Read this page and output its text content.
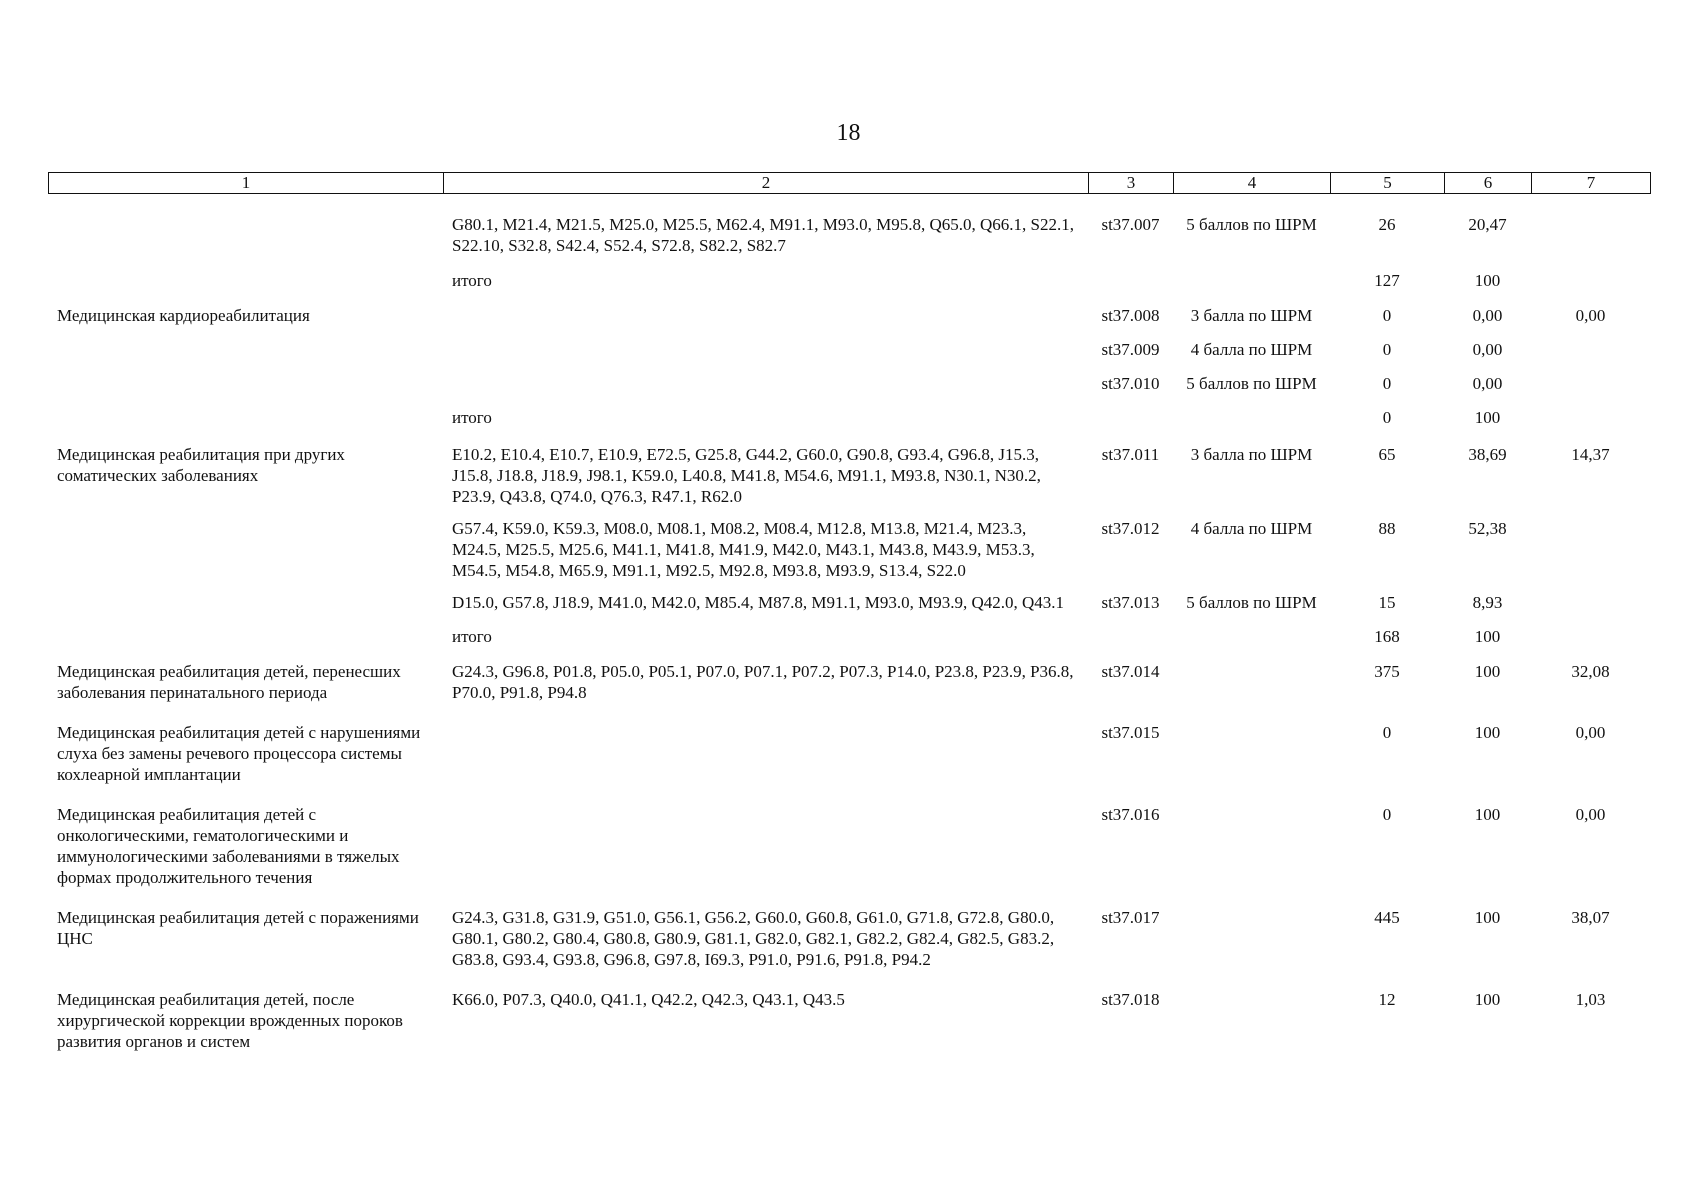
18
1	2	3	4	5	6	7
	G80.1, M21.4, M21.5, M25.0, M25.5, M62.4, M91.1, M93.0, M95.8, Q65.0, Q66.1, S22.1, S22.10, S32.8, S42.4, S52.4, S72.8, S82.2, S82.7	st37.007	5 баллов по ШРМ	26	20,47	
	итого			127	100	
Медицинская кардиореабилитация		st37.008	3 балла по ШРМ	0	0,00	0,00
		st37.009	4 балла по ШРМ	0	0,00	
		st37.010	5 баллов по ШРМ	0	0,00	
	итого			0	100	
Медицинская реабилитация при других соматических заболеваниях	E10.2, E10.4, E10.7, E10.9, E72.5, G25.8, G44.2, G60.0, G90.8, G93.4, G96.8, J15.3, J15.8, J18.8, J18.9, J98.1, K59.0, L40.8, M41.8, M54.6, M91.1, M93.8, N30.1, N30.2, P23.9, Q43.8, Q74.0, Q76.3, R47.1, R62.0	st37.011	3 балла по ШРМ	65	38,69	14,37
	G57.4, K59.0, K59.3, M08.0, M08.1, M08.2, M08.4, M12.8, M13.8, M21.4, M23.3, M24.5, M25.5, M25.6, M41.1, M41.8, M41.9, M42.0, M43.1, M43.8, M43.9, M53.3, M54.5, M54.8, M65.9, M91.1, M92.5, M92.8, M93.8, M93.9, S13.4, S22.0	st37.012	4 балла по ШРМ	88	52,38	
	D15.0, G57.8, J18.9, M41.0, M42.0, M85.4, M87.8, M91.1, M93.0, M93.9, Q42.0, Q43.1	st37.013	5 баллов по ШРМ	15	8,93	
	итого			168	100	
Медицинская реабилитация детей, перенесших заболевания перинатального периода	G24.3, G96.8, P01.8, P05.0, P05.1, P07.0, P07.1, P07.2, P07.3, P14.0, P23.8, P23.9, P36.8, P70.0, P91.8, P94.8	st37.014		375	100	32,08
Медицинская реабилитация детей с нарушениями слуха без замены речевого процессора системы кохлеарной имплантации		st37.015		0	100	0,00
Медицинская реабилитация детей с онкологическими, гематологическими и иммунологическими заболеваниями в тяжелых формах продолжительного течения		st37.016		0	100	0,00
Медицинская реабилитация детей с поражениями ЦНС	G24.3, G31.8, G31.9, G51.0, G56.1, G56.2, G60.0, G60.8, G61.0, G71.8, G72.8, G80.0, G80.1, G80.2, G80.4, G80.8, G80.9, G81.1, G82.0, G82.1, G82.2, G82.4, G82.5, G83.2, G83.8, G93.4, G93.8, G96.8, G97.8, I69.3, P91.0, P91.6, P91.8, P94.2	st37.017		445	100	38,07
Медицинская реабилитация детей, после хирургической коррекции врожденных пороков развития органов и систем	K66.0, P07.3, Q40.0, Q41.1, Q42.2, Q42.3, Q43.1, Q43.5	st37.018		12	100	1,03
